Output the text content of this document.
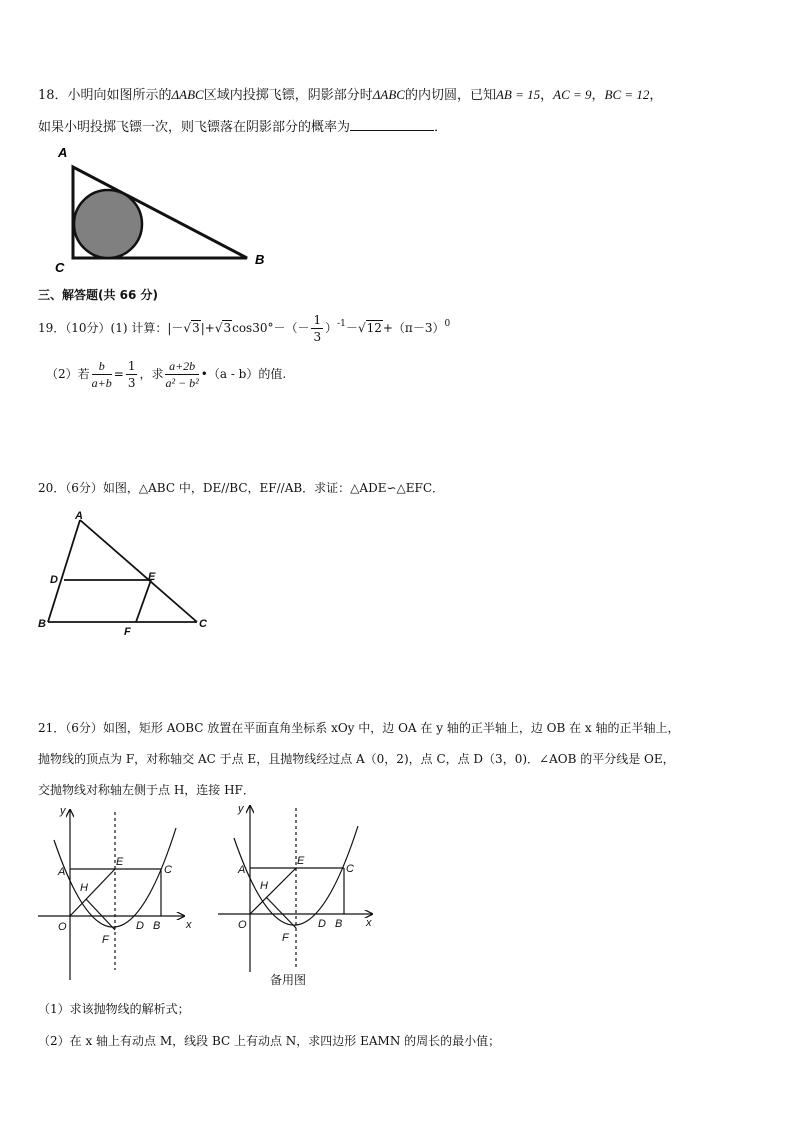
18．小明向如图所示的ΔABC区域内投掷飞镖，阴影部分时ΔABC的内切圆，已知AB = 15，AC = 9，BC = 12，
如果小明投掷飞镖一次，则飞镖落在阴影部分的概率为	．
A
B
C
三、解答题(共 66 分)
19．（10分）(1) 计算：$|-√3|+√3\cos 30^\circ-(- \frac{1}{3} )^{-1}-√12+(\pi-3)^0$
（2）若 $\frac{b}{a+b} = \frac{1}{3}$ ，求 $\frac{a+2b}{\text{a² − b²}}$ •（a - b）的值.
20．（6分）如图，△ABC 中，DE//BC，EF//AB．求证：△ADE∽△EFC．
A
D	E
B
F
C
21．（6分）如图，矩形 AOBC 放置在平面直角坐标系 xOy 中，边 OA 在 y 轴的正半轴上，边 OB 在 x 轴的正半轴上，
抛物线的顶点为 F，对称轴交 AC 于点 E，且抛物线经过点 A（0，2)，点 C，点 D（3，0)．∠AOB 的平分线是 OE，
交抛物线对称轴左侧于点 H，连接 HF．
y
x
A
E
C
H
O
F
D B
y
x
A
E
C
H
O
F
D B
备用图
（1）求该抛物线的解析式；
（2）在 x 轴上有动点 M，线段 BC 上有动点 N，求四边形 EAMN 的周长的最小值；
